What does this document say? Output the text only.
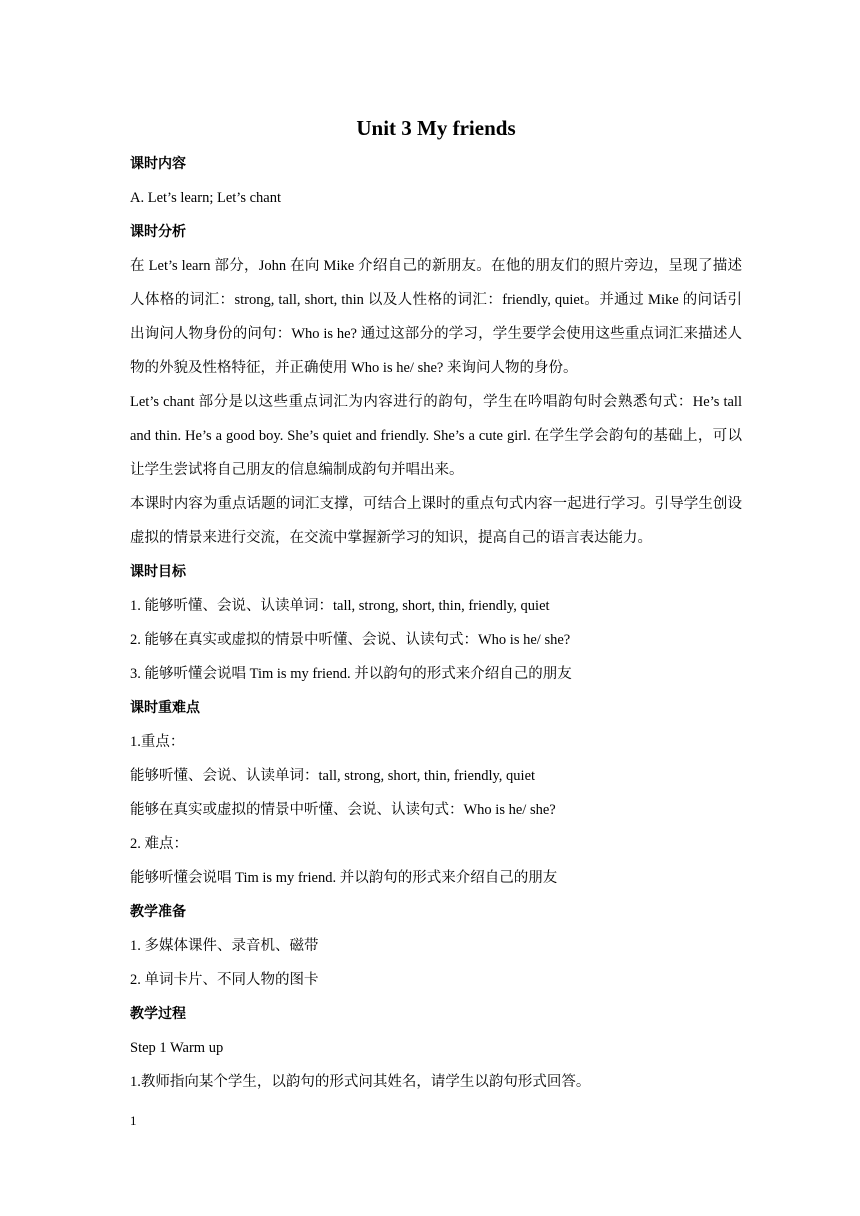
Unit 3 My friends
课时内容
A. Let’s learn; Let’s chant
课时分析
在 Let’s learn 部分，John 在向 Mike 介绍自己的新朋友。在他的朋友们的照片旁边，呈现了描述人体格的词汇：strong, tall, short, thin 以及人性格的词汇：friendly, quiet。并通过 Mike 的问话引出询问人物身份的问句：Who is he? 通过这部分的学习，学生要学会使用这些重点词汇来描述人物的外貌及性格特征，并正确使用 Who is he/ she? 来询问人物的身份。
Let’s chant 部分是以这些重点词汇为内容进行的韵句，学生在吟唱韵句时会熟悉句式：He’s tall and thin. He’s a good boy. She’s quiet and friendly. She’s a cute girl. 在学生学会韵句的基础上，可以让学生尝试将自己朋友的信息编制成韵句并唱出来。
本课时内容为重点话题的词汇支撑，可结合上课时的重点句式内容一起进行学习。引导学生创设虚拟的情景来进行交流，在交流中掌握新学习的知识，提高自己的语言表达能力。
课时目标
1. 能够听懂、会说、认读单词：tall, strong, short, thin, friendly, quiet
2. 能够在真实或虚拟的情景中听懂、会说、认读句式：Who is he/ she?
3. 能够听懂会说唱 Tim is my friend. 并以韵句的形式来介绍自己的朋友
课时重难点
1.重点：
能够听懂、会说、认读单词：tall, strong, short, thin, friendly, quiet
能够在真实或虚拟的情景中听懂、会说、认读句式：Who is he/ she?
2. 难点：
能够听懂会说唱 Tim is my friend. 并以韵句的形式来介绍自己的朋友
教学准备
1. 多媒体课件、录音机、磁带
2. 单词卡片、不同人物的图卡
教学过程
Step 1 Warm up
1.教师指向某个学生，以韵句的形式问其姓名，请学生以韵句形式回答。
1
